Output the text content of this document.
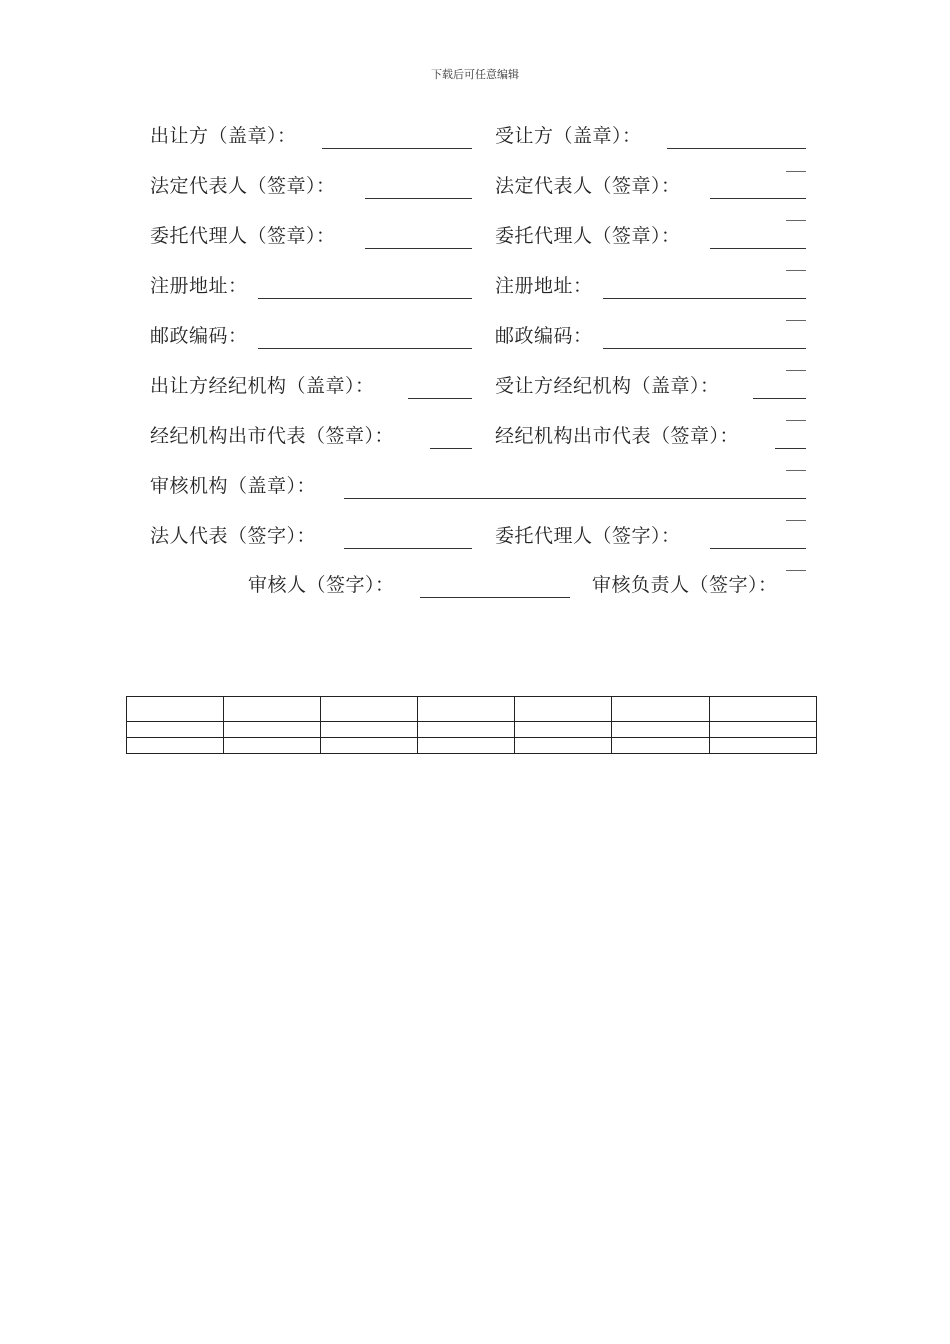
下载后可任意编辑
出让方（盖章）：	受让方（盖章）：
法定代表人（签章）：	法定代表人（签章）：
委托代理人（签章）：	委托代理人（签章）：
注册地址：	注册地址：
邮政编码：	邮政编码：
出让方经纪机构（盖章）：	受让方经纪机构（盖章）：
经纪机构出市代表（签章）：	经纪机构出市代表（签章）：
审核机构（盖章）：
法人代表（签字）：	委托代理人（签字）：
审核人（签字）：	审核负责人（签字）：
